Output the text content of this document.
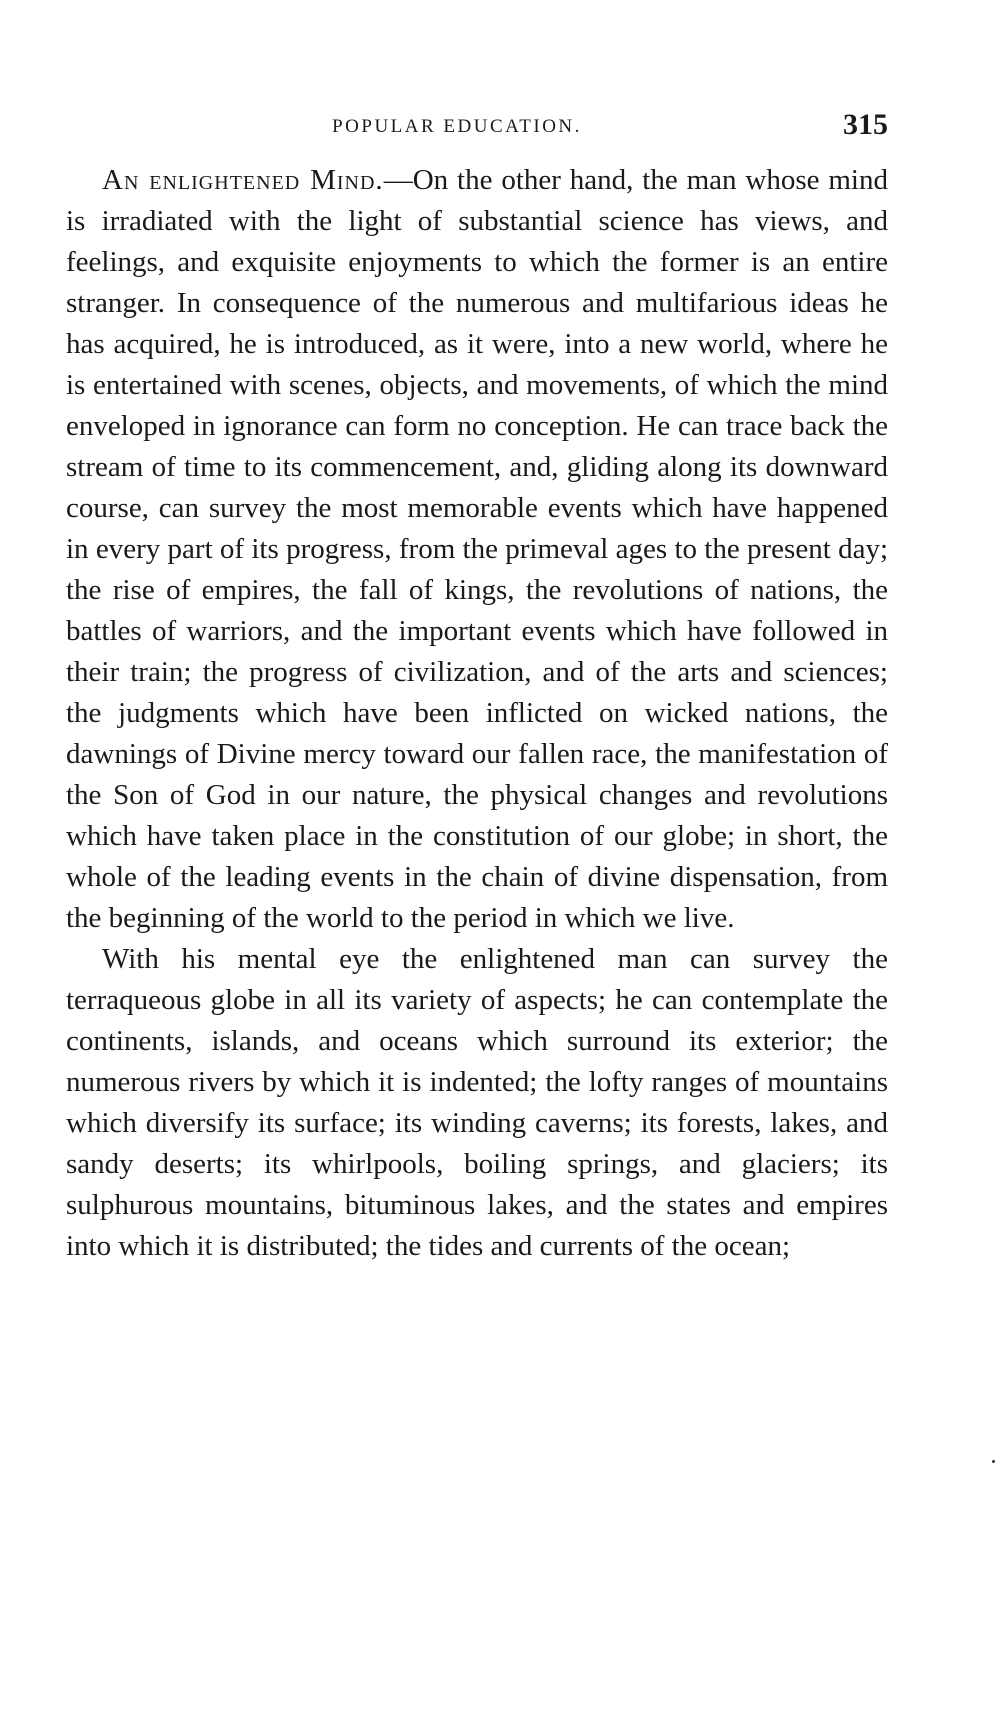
POPULAR EDUCATION.	315

An enlightened Mind.—On the other hand, the man whose mind is irradiated with the light of substantial science has views, and feelings, and exquisite enjoyments to which the former is an entire stranger. In consequence of the numerous and multifarious ideas he has acquired, he is introduced, as it were, into a new world, where he is entertained with scenes, objects, and movements, of which the mind enveloped in ignorance can form no conception. He can trace back the stream of time to its commencement, and, gliding along its downward course, can survey the most memorable events which have happened in every part of its progress, from the primeval ages to the present day; the rise of empires, the fall of kings, the revolutions of nations, the battles of warriors, and the important events which have followed in their train; the progress of civilization, and of the arts and sciences; the judgments which have been inflicted on wicked nations, the dawnings of Divine mercy toward our fallen race, the manifestation of the Son of God in our nature, the physical changes and revolutions which have taken place in the constitution of our globe; in short, the whole of the leading events in the chain of divine dispensation, from the beginning of the world to the period in which we live.

With his mental eye the enlightened man can survey the terraqueous globe in all its variety of aspects; he can contemplate the continents, islands, and oceans which surround its exterior; the numerous rivers by which it is indented; the lofty ranges of mountains which diversify its surface; its winding caverns; its forests, lakes, and sandy deserts; its whirlpools, boiling springs, and glaciers; its sulphurous mountains, bituminous lakes, and the states and empires into which it is distributed; the tides and currents of the ocean;
